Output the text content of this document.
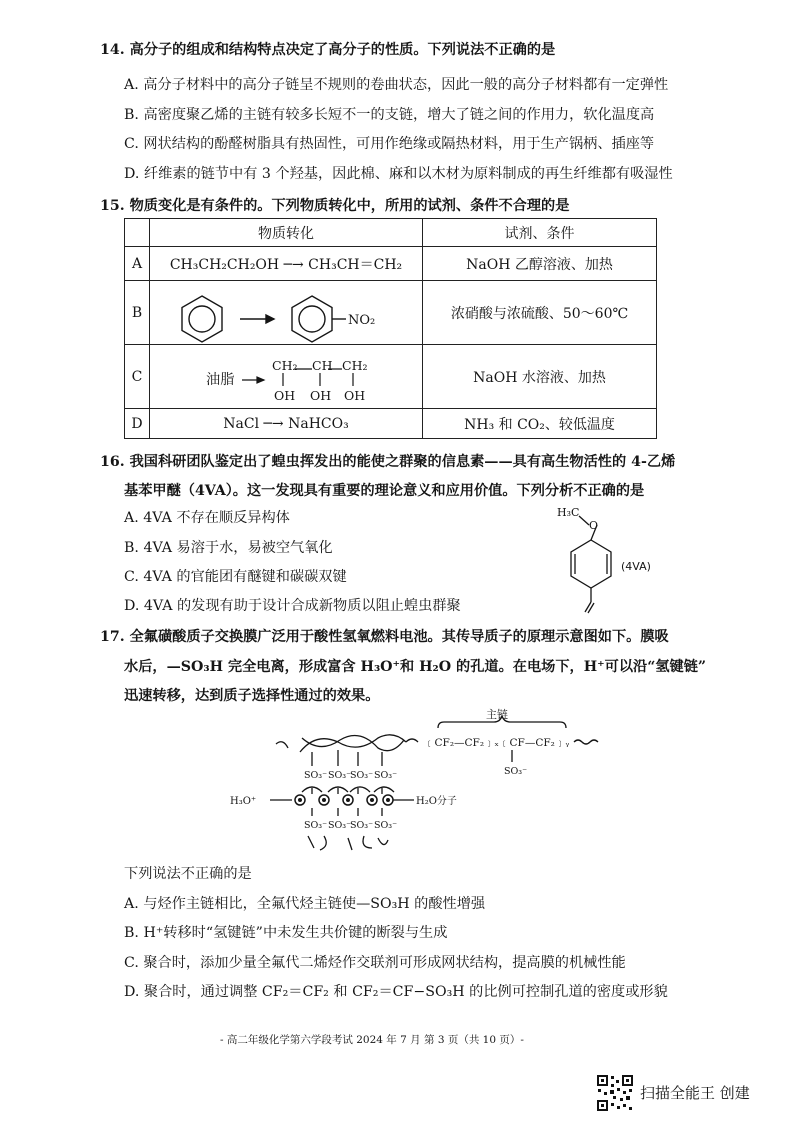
14. 高分子的组成和结构特点决定了高分子的性质。下列说法不正确的是
A. 高分子材料中的高分子链呈不规则的卷曲状态，因此一般的高分子材料都有一定弹性
B. 高密度聚乙烯的主链有较多长短不一的支链，增大了链之间的作用力，软化温度高
C. 网状结构的酚醛树脂具有热固性，可用作绝缘或隔热材料，用于生产锅柄、插座等
D. 纤维素的链节中有 3 个羟基，因此棉、麻和以木材为原料制成的再生纤维都有吸湿性
15. 物质变化是有条件的。下列物质转化中，所用的试剂、条件不合理的是
	物质转化	试剂、条件
A	CH₃CH₂CH₂OH ─→ CH₃CH＝CH₂	NaOH 乙醇溶液、加热
B		浓硝酸与浓硫酸、50～60℃
C		NaOH 水溶液、加热
D	NaCl ─→ NaHCO₃	NH₃ 和 CO₂、较低温度
NO₂
油脂
CH₂ CH CH₂
OH OH OH
16. 我国科研团队鉴定出了蝗虫挥发出的能使之群聚的信息素——具有高生物活性的 4-乙烯
基苯甲醚（4VA）。这一发现具有重要的理论意义和应用价值。下列分析不正确的是
A. 4VA 不存在顺反异构体
B. 4VA 易溶于水，易被空气氧化
C. 4VA 的官能团有醚键和碳碳双键
D. 4VA 的发现有助于设计合成新物质以阻止蝗虫群聚
H₃C
O
(4VA)
17. 全氟磺酸质子交换膜广泛用于酸性氢氧燃料电池。其传导质子的原理示意图如下。膜吸
水后，—SO₃H 完全电离，形成富含 H₃O⁺和 H₂O 的孔道。在电场下，H⁺可以沿“氢键链”
迅速转移，达到质子选择性通过的效果。
主链
﹝CF₂—CF₂﹞ₓ﹝CF—CF₂﹞ᵧ
SO₃⁻ SO₃⁻
SO₃⁻ SO₃⁻	SO₃⁻
SO₃⁻ SO₃⁻
SO₃⁻ SO₃⁻
H₃O⁺	H₂O分子
下列说法不正确的是
A. 与烃作主链相比，全氟代烃主链使—SO₃H 的酸性增强
B. H⁺转移时“氢键链”中未发生共价键的断裂与生成
C. 聚合时，添加少量全氟代二烯烃作交联剂可形成网状结构，提高膜的机械性能
D. 聚合时，通过调整 CF₂＝CF₂ 和 CF₂＝CF−SO₃H 的比例可控制孔道的密度或形貌
- 高二年级化学第六学段考试 2024 年 7 月 第 3 页（共 10 页）-
扫描全能王 创建
